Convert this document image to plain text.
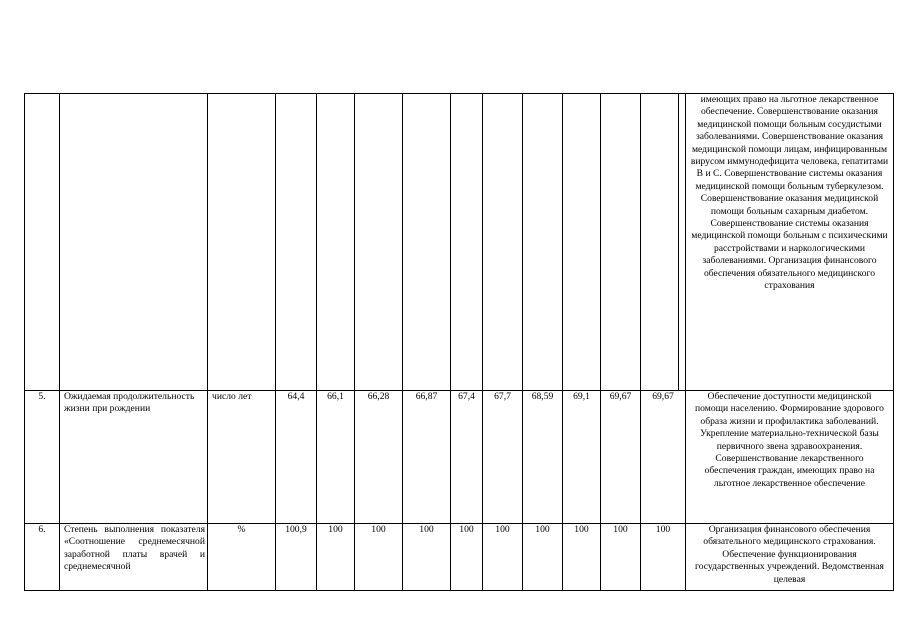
														имеющих право на льготное лекарственное обеспечение. Совершенствование оказания медицинской помощи больным сосудистыми заболеваниями. Совершенствование оказания медицинской помощи лицам, инфицированным вирусом иммунодефицита человека, гепатитами В и С. Совершенствование системы оказания медицинской помощи больным туберкулезом. Совершенствование оказания медицинской помощи больным сахарным диабетом. Совершенствование системы оказания медицинской помощи больным с психическими расстройствами и наркологическими заболеваниями. Организация финансового обеспечения обязательного медицинского страхования
5.	Ожидаемая продолжительность жизни при рождении	число лет	64,4	66,1	66,28	66,87	67,4	67,7	68,59	69,1	69,67	69,67		Обеспечение доступности медицинской помощи населению. Формирование здорового образа жизни и профилактика заболеваний. Укрепление материально-технической базы первичного звена здравоохранения. Совершенствование лекарственного обеспечения граждан, имеющих право на льготное лекарственное обеспечение
6.	Степень выполнения показателя «Соотношение среднемесячной заработной платы врачей и среднемесячной	%	100,9	100	100	100	100	100	100	100	100	100		Организация финансового обеспечения обязательного медицинского страхования. Обеспечение функционирования государственных учреждений. Ведомственная целевая
